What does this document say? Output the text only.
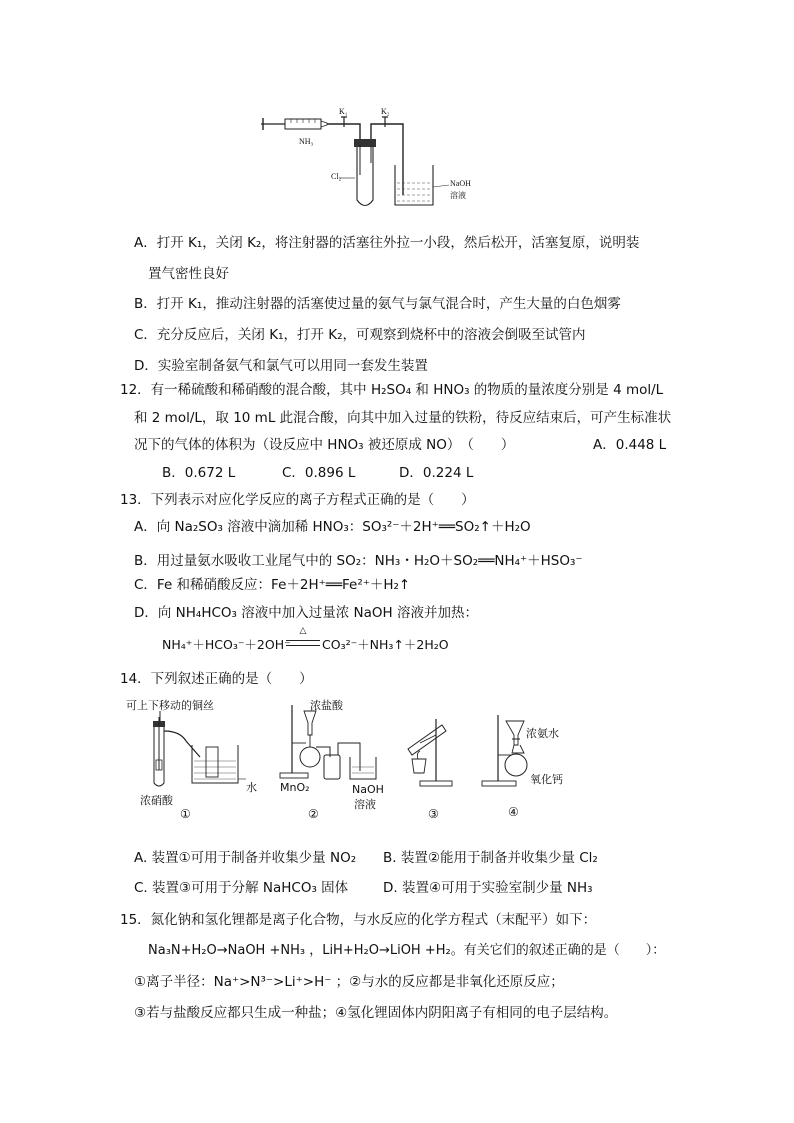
NH₃
K₁	K₂
Cl₂
NaOH
溶液
A．打开 K₁，关闭 K₂，将注射器的活塞往外拉一小段，然后松开，活塞复原，说明装
置气密性良好
B．打开 K₁，推动注射器的活塞使过量的氨气与氯气混合时，产生大量的白色烟雾
C．充分反应后，关闭 K₁，打开 K₂，可观察到烧杯中的溶液会倒吸至试管内
D．实验室制备氨气和氯气可以用同一套发生装置
12．有一稀硫酸和稀硝酸的混合酸，其中 H₂SO₄ 和 HNO₃ 的物质的量浓度分别是 4 mol/L
和 2 mol/L，取 10 mL 此混合酸，向其中加入过量的铁粉，待反应结束后，可产生标准状
况下的气体的体积为（设反应中 HNO₃ 被还原成 NO）　（　　）	A．0.448 L
B．0.672 L	C．0.896 L	D．0.224 L
13．下列表示对应化学反应的离子方程式正确的是（　　）
A．向 Na₂SO₃ 溶液中滴加稀 HNO₃：SO₃²⁻＋2H⁺══SO₂↑＋H₂O
B．用过量氨水吸收工业尾气中的 SO₂：NH₃・H₂O＋SO₂══NH₄⁺＋HSO₃⁻
C．Fe 和稀硝酸反应：Fe＋2H⁺══Fe²⁺＋H₂↑
D．向 NH₄HCO₃ 溶液中加入过量浓 NaOH 溶液并加热：
NH₄⁺＋HCO₃⁻＋2OH⁻
△
CO₃²⁻＋NH₃↑＋2H₂O
14．下列叙述正确的是（　　）
可上下移动的铜丝
浓硝酸
水
浓盐酸
MnO₂	NaOH
溶液
浓氨水
氧化钙
①	②	③	④
A. 装置①可用于制备并收集少量 NO₂ B. 装置②能用于制备并收集少量 Cl₂
C. 装置③可用于分解 NaHCO₃ 固体	D. 装置④可用于实验室制少量 NH₃
15．氮化钠和氢化锂都是离子化合物，与水反应的化学方程式（末配平）如下：
Na₃N+H₂O→NaOH +NH₃ ，LiH+H₂O→LiOH +H₂。有关它们的叙述正确的是（　　）：
①离子半径：Na⁺>N³⁻>Li⁺>H⁻ ；②与水的反应都是非氧化还原反应；
③若与盐酸反应都只生成一种盐；④氢化锂固体内阴阳离子有相同的电子层结构。
